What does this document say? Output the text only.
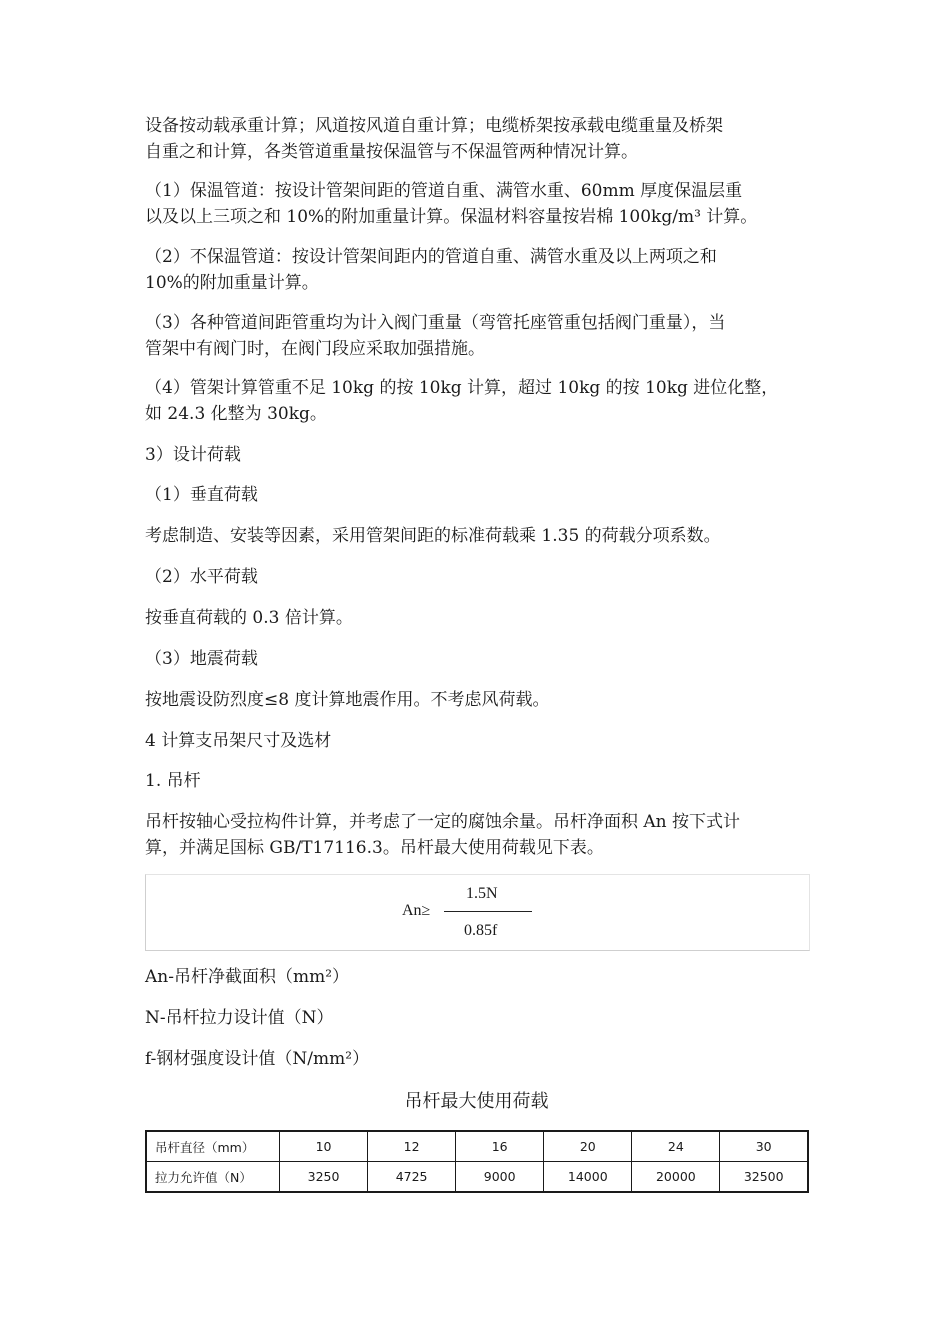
设备按动载承重计算；风道按风道自重计算；电缆桥架按承载电缆重量及桥架
自重之和计算，各类管道重量按保温管与不保温管两种情况计算。

（1）保温管道：按设计管架间距的管道自重、满管水重、60mm 厚度保温层重
以及以上三项之和 10%的附加重量计算。保温材料容量按岩棉 100kg/m³ 计算。

（2）不保温管道：按设计管架间距内的管道自重、满管水重及以上两项之和
10%的附加重量计算。

（3）各种管道间距管重均为计入阀门重量（弯管托座管重包括阀门重量），当
管架中有阀门时，在阀门段应采取加强措施。

（4）管架计算管重不足 10kg 的按 10kg 计算，超过 10kg 的按 10kg 进位化整，
如 24.3 化整为 30kg。

3）设计荷载

（1）垂直荷载

考虑制造、安装等因素，采用管架间距的标准荷载乘 1.35 的荷载分项系数。

（2）水平荷载

按垂直荷载的 0.3 倍计算。

（3）地震荷载

按地震设防烈度≤8 度计算地震作用。不考虑风荷载。

4 计算支吊架尺寸及选材

1. 吊杆

吊杆按轴心受拉构件计算，并考虑了一定的腐蚀余量。吊杆净面积 An 按下式计
算，并满足国标 GB/T17116.3。吊杆最大使用荷载见下表。

An≥
1.5N
0.85f

An-吊杆净截面积（mm²）

N-吊杆拉力设计值（N）

f-钢材强度设计值（N/mm²）

吊杆最大使用荷载
吊杆直径（mm）	10	12	16	20	24	30
拉力允许值（N）	3250	4725	9000	14000	20000	32500
